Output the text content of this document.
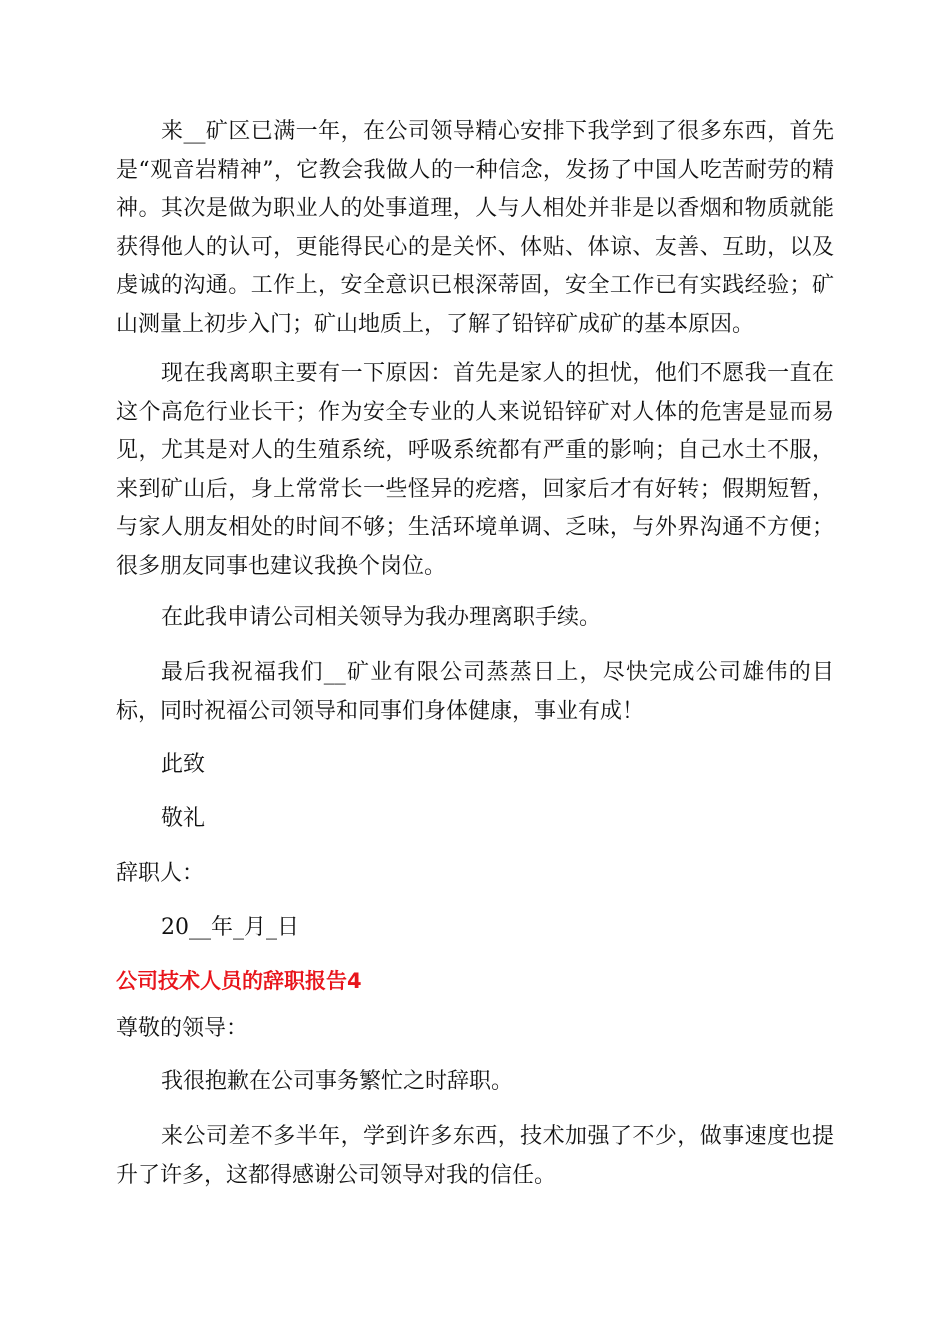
来__矿区已满一年，在公司领导精心安排下我学到了很多东西，首先是“观音岩精神”，它教会我做人的一种信念，发扬了中国人吃苦耐劳的精神。其次是做为职业人的处事道理，人与人相处并非是以香烟和物质就能获得他人的认可，更能得民心的是关怀、体贴、体谅、友善、互助，以及虔诚的沟通。工作上，安全意识已根深蒂固，安全工作已有实践经验；矿山测量上初步入门；矿山地质上，了解了铅锌矿成矿的基本原因。

现在我离职主要有一下原因：首先是家人的担忧，他们不愿我一直在这个高危行业长干；作为安全专业的人来说铅锌矿对人体的危害是显而易见，尤其是对人的生殖系统，呼吸系统都有严重的影响；自己水土不服，来到矿山后，身上常常长一些怪异的疙瘩，回家后才有好转；假期短暂，与家人朋友相处的时间不够；生活环境单调、乏味，与外界沟通不方便；很多朋友同事也建议我换个岗位。

在此我申请公司相关领导为我办理离职手续。

最后我祝福我们__矿业有限公司蒸蒸日上，尽快完成公司雄伟的目标，同时祝福公司领导和同事们身体健康，事业有成！

此致

敬礼

辞职人：

20__年_月_日

公司技术人员的辞职报告4

尊敬的领导：

我很抱歉在公司事务繁忙之时辞职。

来公司差不多半年，学到许多东西，技术加强了不少，做事速度也提升了许多，这都得感谢公司领导对我的信任。
